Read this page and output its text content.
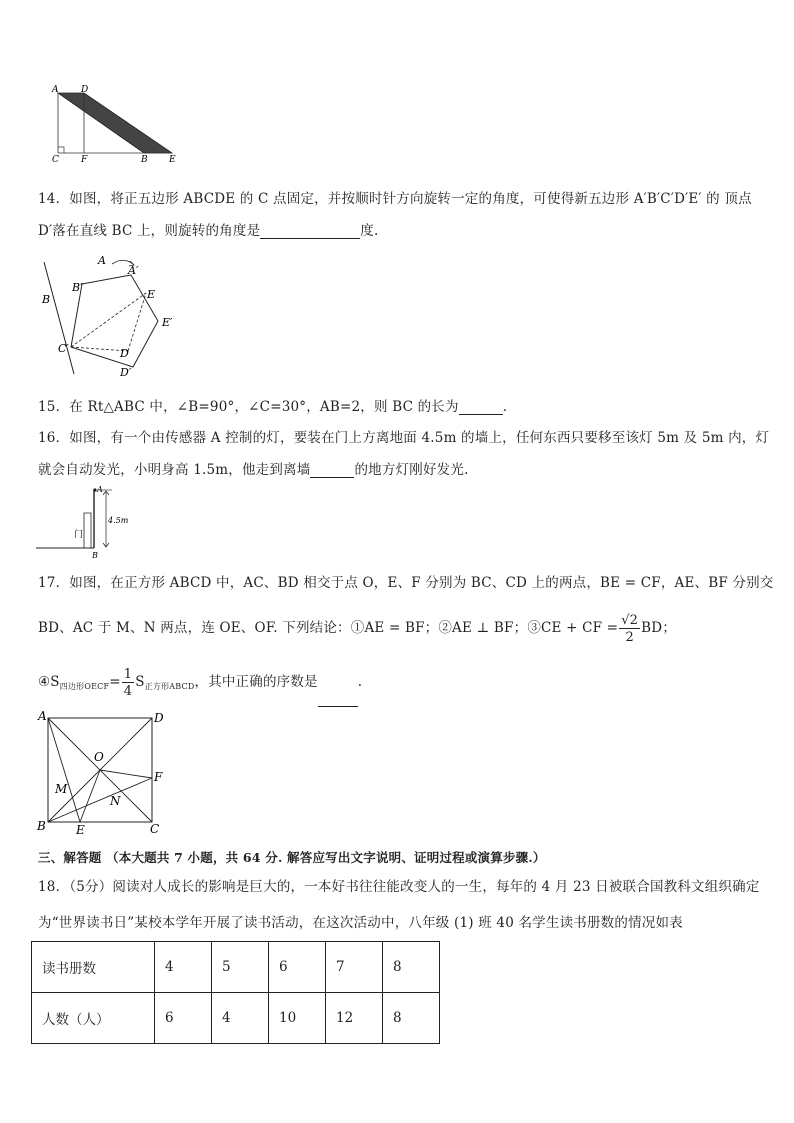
A	D
C F	B E
14．如图，将正五边形 ABCDE 的 C 点固定，并按顺时针方向旋转一定的角度，可使得新五边形 A′B′C′D′E′ 的 顶点
D′落在直线 BC 上，则旋转的角度是	度.
A
A′
B
B′
C′	D
D′
E
E′
15．在 Rt△ABC 中，∠B=90°，∠C=30°，AB=2，则 BC 的长为	.
16．如图，有一个由传感器 A 控制的灯，要装在门上方离地面 4.5m 的墙上，任何东西只要移至该灯 5m 及 5m 内，灯
就会自动发光，小明身高 1.5m，他走到离墙	的地方灯刚好发光.
A
B
4.5m
门
17．如图，在正方形 ABCD 中，AC、BD 相交于点 O，E、F 分别为 BC、CD 上的两点，BE = CF，AE、BF 分别交
BD、AC 于 M、N 两点，连 OE、OF. 下列结论：①AE = BF；②AE ⊥ BF；③CE + CF = $\frac{√2}{2}$ BD；
$④S_{四边形OECF}= \frac{1}{4} S_{正方形ABCD}$，其中正确的序数是	.
A	D
B	C
E
F
M
N
O
三、解答题 （本大题共 7 小题，共 64 分. 解答应写出文字说明、证明过程或演算步骤.）
18．（5分）阅读对人成长的影响是巨大的，一本好书往往能改变人的一生，每年的 4 月 23 日被联合国教科文组织确定
为“世界读书日”某校本学年开展了读书活动，在这次活动中，八年级 (1) 班 40 名学生读书册数的情况如表
读书册数	4	5	6	7	8
人数（人）	6	4	10	12	8
